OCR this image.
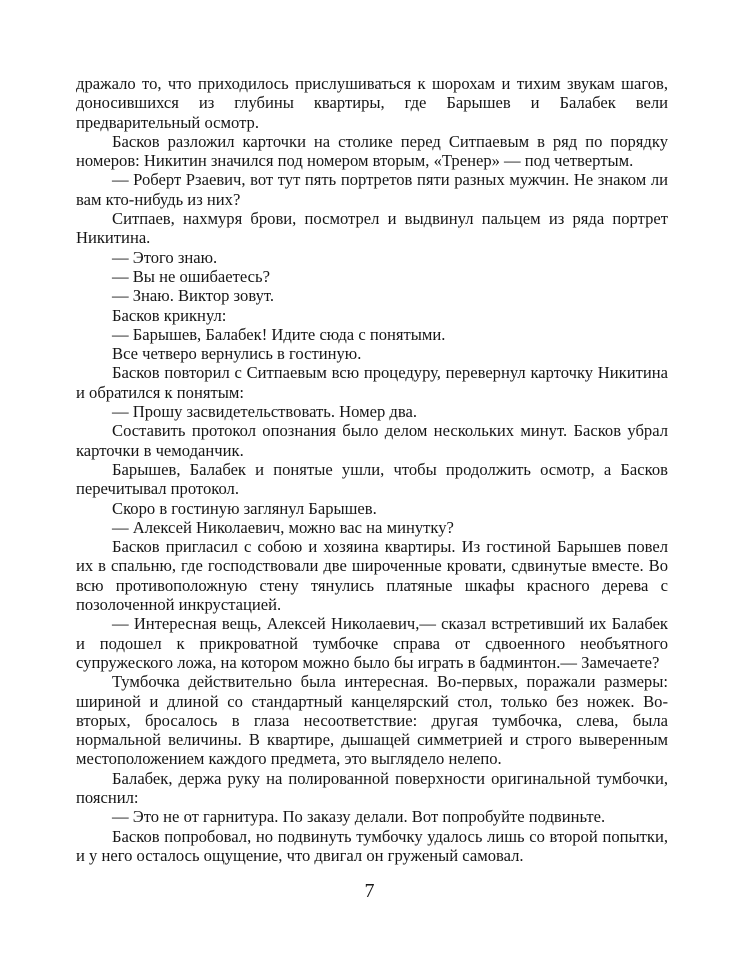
дражало то, что приходилось прислушиваться к шорохам и тихим звукам шагов, доносившихся из глубины квартиры, где Барышев и Балабек вели предварительный осмотр.

Басков разложил карточки на столике перед Ситпаевым в ряд по порядку номеров: Никитин значился под номером вторым, «Тренер» — под четвертым.

— Роберт Рзаевич, вот тут пять портретов пяти разных мужчин. Не знаком ли вам кто-нибудь из них?

Ситпаев, нахмуря брови, посмотрел и выдвинул пальцем из ряда портрет Никитина.

— Этого знаю.

— Вы не ошибаетесь?

— Знаю. Виктор зовут.

Басков крикнул:

— Барышев, Балабек! Идите сюда с понятыми.

Все четверо вернулись в гостиную.

Басков повторил с Ситпаевым всю процедуру, перевернул карточку Никитина и обратился к понятым:

— Прошу засвидетельствовать. Номер два.

Составить протокол опознания было делом нескольких минут. Басков убрал карточки в чемоданчик.

Барышев, Балабек и понятые ушли, чтобы продолжить осмотр, а Басков перечитывал протокол.

Скоро в гостиную заглянул Барышев.

— Алексей Николаевич, можно вас на минутку?

Басков пригласил с собою и хозяина квартиры. Из гостиной Барышев повел их в спальню, где господствовали две широченные кровати, сдвинутые вместе. Во всю противоположную стену тянулись платяные шкафы красного дерева с позолоченной инкрустацией.

— Интересная вещь, Алексей Николаевич,— сказал встретивший их Балабек и подошел к прикроватной тумбочке справа от сдвоенного необъятного супружеского ложа, на котором можно было бы играть в бадминтон.— Замечаете?

Тумбочка действительно была интересная. Во-первых, поражали размеры: шириной и длиной со стандартный канцелярский стол, только без ножек. Во-вторых, бросалось в глаза несоответствие: другая тумбочка, слева, была нормальной величины. В квартире, дышащей симметрией и строго выверенным местоположением каждого предмета, это выглядело нелепо.

Балабек, держа руку на полированной поверхности оригинальной тумбочки, пояснил:

— Это не от гарнитура. По заказу делали. Вот попробуйте подвиньте.

Басков попробовал, но подвинуть тумбочку удалось лишь со второй попытки, и у него осталось ощущение, что двигал он груженый самовал.

7
